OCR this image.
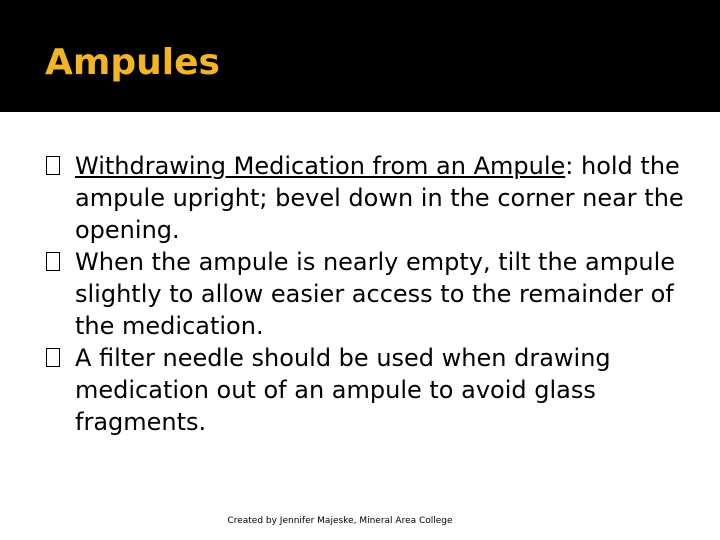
Ampules

Withdrawing Medication from an Ampule: hold the ampule upright; bevel down in the corner near the opening.

When the ampule is nearly empty, tilt the ampule slightly to allow easier access to the remainder of the medication.

A filter needle should be used when drawing medication out of an ampule to avoid glass fragments.

Created by Jennifer Majeske, Mineral Area College
